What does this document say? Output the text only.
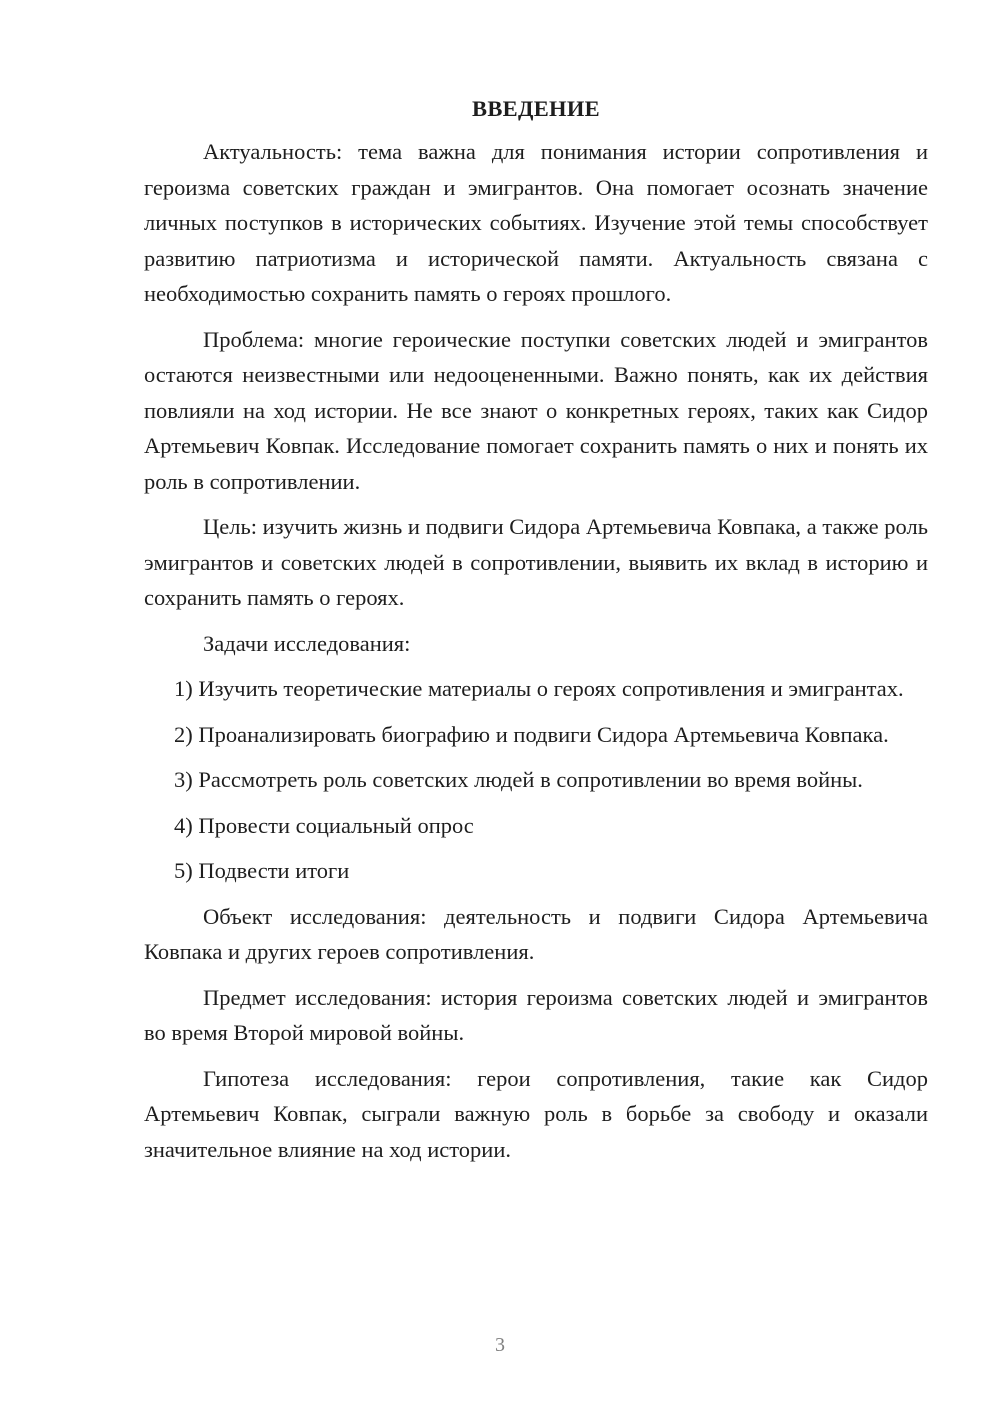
ВВЕДЕНИЕ

Актуальность: тема важна для понимания истории сопротивления и героизма советских граждан и эмигрантов. Она помогает осознать значение личных поступков в исторических событиях. Изучение этой темы способствует развитию патриотизма и исторической памяти. Актуальность связана с необходимостью сохранить память о героях прошлого.

Проблема: многие героические поступки советских людей и эмигрантов остаются неизвестными или недооцененными. Важно понять, как их действия повлияли на ход истории. Не все знают о конкретных героях, таких как Сидор Артемьевич Ковпак. Исследование помогает сохранить память о них и понять их роль в сопротивлении.

Цель: изучить жизнь и подвиги Сидора Артемьевича Ковпака, а также роль эмигрантов и советских людей в сопротивлении, выявить их вклад в историю и сохранить память о героях.

Задачи исследования:

1) Изучить теоретические материалы о героях сопротивления и эмигрантах.

2) Проанализировать биографию и подвиги Сидора Артемьевича Ковпака.

3) Рассмотреть роль советских людей в сопротивлении во время войны.

4) Провести социальный опрос

5) Подвести итоги

Объект исследования: деятельность и подвиги Сидора Артемьевича Ковпака и других героев сопротивления.

Предмет исследования: история героизма советских людей и эмигрантов во время Второй мировой войны.

Гипотеза исследования: герои сопротивления, такие как Сидор Артемьевич Ковпак, сыграли важную роль в борьбе за свободу и оказали значительное влияние на ход истории.

3
